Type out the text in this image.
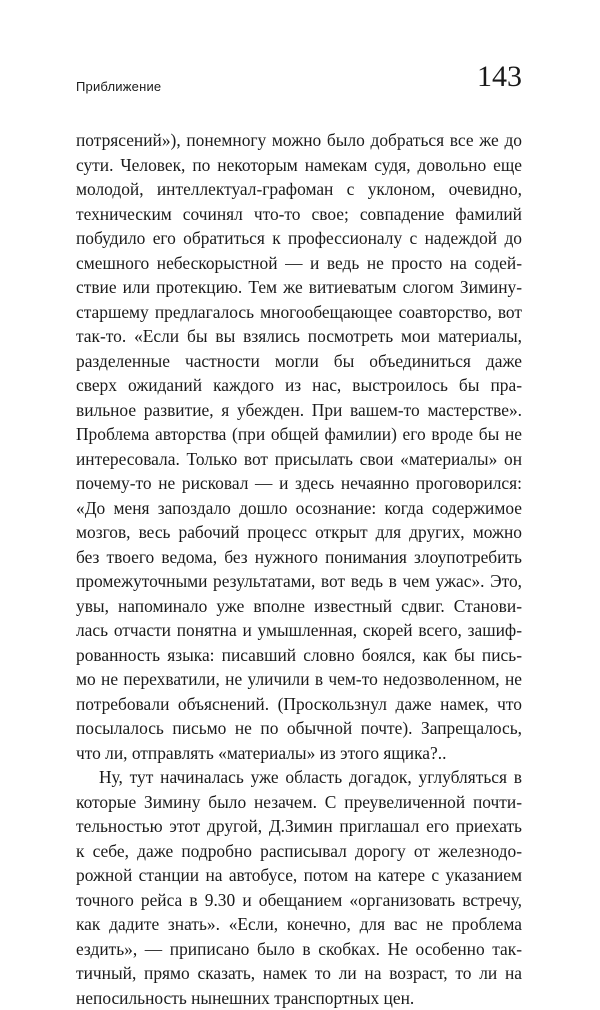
Приближение	143
потрясений»), понемногу можно было добраться все же до
сути. Человек, по некоторым намекам судя, довольно еще
молодой, интеллектуал-графоман с уклоном, очевидно,
техническим сочинял что-то свое; совпадение фамилий
побудило его обратиться к профессионалу с надеждой до
смешного небескорыстной — и ведь не просто на содей-
ствие или протекцию. Тем же витиеватым слогом Зимину-
старшему предлагалось многообещающее соавторство, вот
так-то. «Если бы вы взялись посмотреть мои материалы,
разделенные частности могли бы объединиться даже
сверх ожиданий каждого из нас, выстроилось бы пра-
вильное развитие, я убежден. При вашем-то мастерстве».
Проблема авторства (при общей фамилии) его вроде бы не
интересовала. Только вот присылать свои «материалы» он
почему-то не рисковал — и здесь нечаянно проговорился:
«До меня запоздало дошло осознание: когда содержимое
мозгов, весь рабочий процесс открыт для других, можно
без твоего ведома, без нужного понимания злоупотребить
промежуточными результатами, вот ведь в чем ужас». Это,
увы, напоминало уже вполне известный сдвиг. Станови-
лась отчасти понятна и умышленная, скорей всего, зашиф-
рованность языка: писавший словно боялся, как бы пись-
мо не перехватили, не уличили в чем-то недозволенном, не
потребовали объяснений. (Проскользнул даже намек, что
посылалось письмо не по обычной почте). Запрещалось,
что ли, отправлять «материалы» из этого ящика?..
Ну, тут начиналась уже область догадок, углубляться в
которые Зимину было незачем. С преувеличенной почти-
тельностью этот другой, Д.Зимин приглашал его приехать
к себе, даже подробно расписывал дорогу от железнодо-
рожной станции на автобусе, потом на катере с указанием
точного рейса в 9.30 и обещанием «организовать встречу,
как дадите знать». «Если, конечно, для вас не проблема
ездить», — приписано было в скобках. Не особенно так-
тичный, прямо сказать, намек то ли на возраст, то ли на
непосильность нынешних транспортных цен.
